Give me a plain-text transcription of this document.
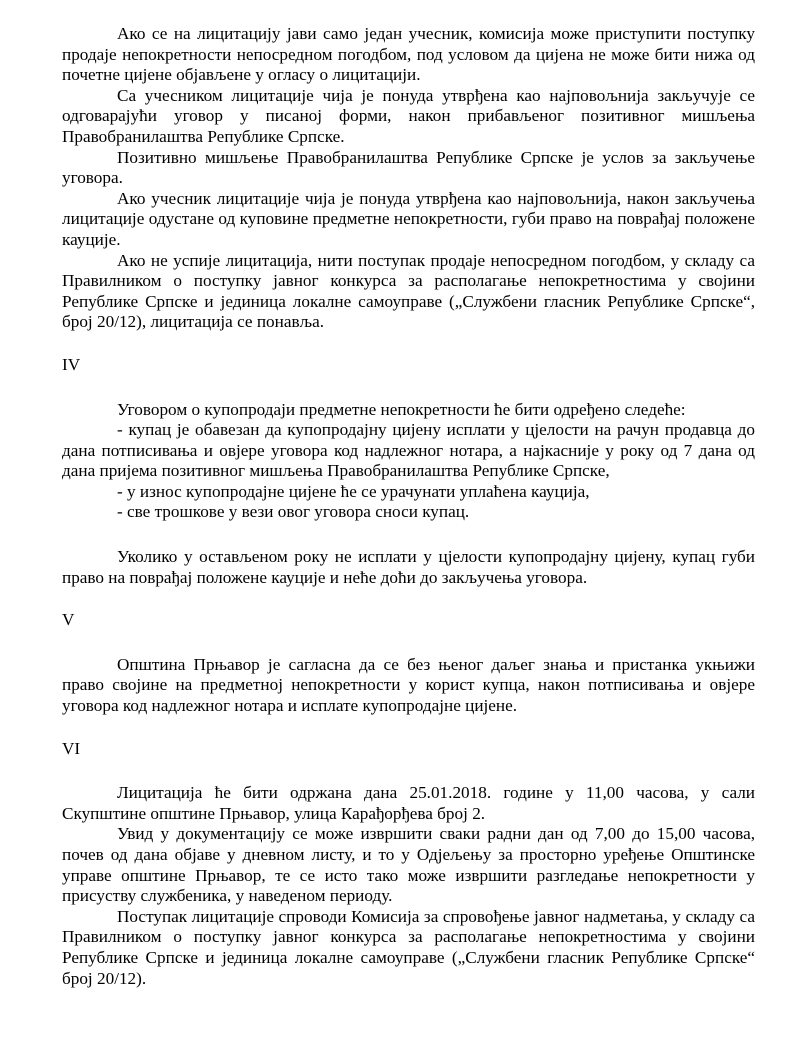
Ако се на лицитацију јави само један учесник, комисија може приступити поступку продаје непокретности непосредном погодбом, под условом да цијена не може бити нижа од почетне цијене објављене у огласу о лицитацији.

Са учесником лицитације чија је понуда утврђена као најповољнија закључује се одговарајући уговор у писаној форми, након прибављеног позитивног мишљења Правобранилаштва Републике Српске.

Позитивно мишљење Правобранилаштва Републике Српске је услов за закључење уговора.

Ако учесник лицитације чија је понуда утврђена као најповољнија, након закључења лицитације одустане од куповине предметне непокретности, губи право на поврађај положене кауције.

Ако не успије лицитација, нити поступак продаје непосредном погодбом, у складу са Правилником о поступку јавног конкурса за располагање непокретностима у својини Републике Српске и јединица локалне самоуправе („Службени гласник Републике Српске“, број 20/12), лицитација се понавља.

IV

Уговором о купопродаји предметне непокретности ће бити одређено следеће:

- купац је обавезан да купопродајну цијену исплати у цјелости на рачун продавца до дана потписивања и овјере уговора код надлежног нотара, а најкасније у року од 7 дана од дана пријема позитивног мишљења Правобранилаштва Републике Српске,

- у износ купопродајне цијене ће се урачунати уплаћена кауција,

- све трошкове у вези овог уговора сноси купац.

Уколико у остављеном року не исплати у цјелости купопродајну цијену, купац губи право на поврађај положене кауције и неће доћи до закључења уговора.

V

Општина Прњавор је сагласна да се без њеног даљег знања и пристанка укњижи право својине на предметној непокретности у корист купца, након потписивања и овјере уговора код надлежног нотара и исплате купопродајне цијене.

VI

Лицитација ће бити одржана дана 25.01.2018. године у 11,00 часова, у сали Скупштине општине Прњавор, улица Карађорђева број 2.

Увид у документацију се може извршити сваки радни дан од 7,00 до 15,00 часова, почев од дана објаве у дневном листу, и то у Одјељењу за просторно уређење Општинске управе општине Прњавор, те се исто тако може извршити разгледање непокретности у присуству службеника, у наведеном периоду.

Поступак лицитације спроводи Комисија за спровођење јавног надметања, у складу са Правилником о поступку јавног конкурса за располагање непокретностима у својини Републике Српске и јединица локалне самоуправе („Службени гласник Републике Српске“ број 20/12).
